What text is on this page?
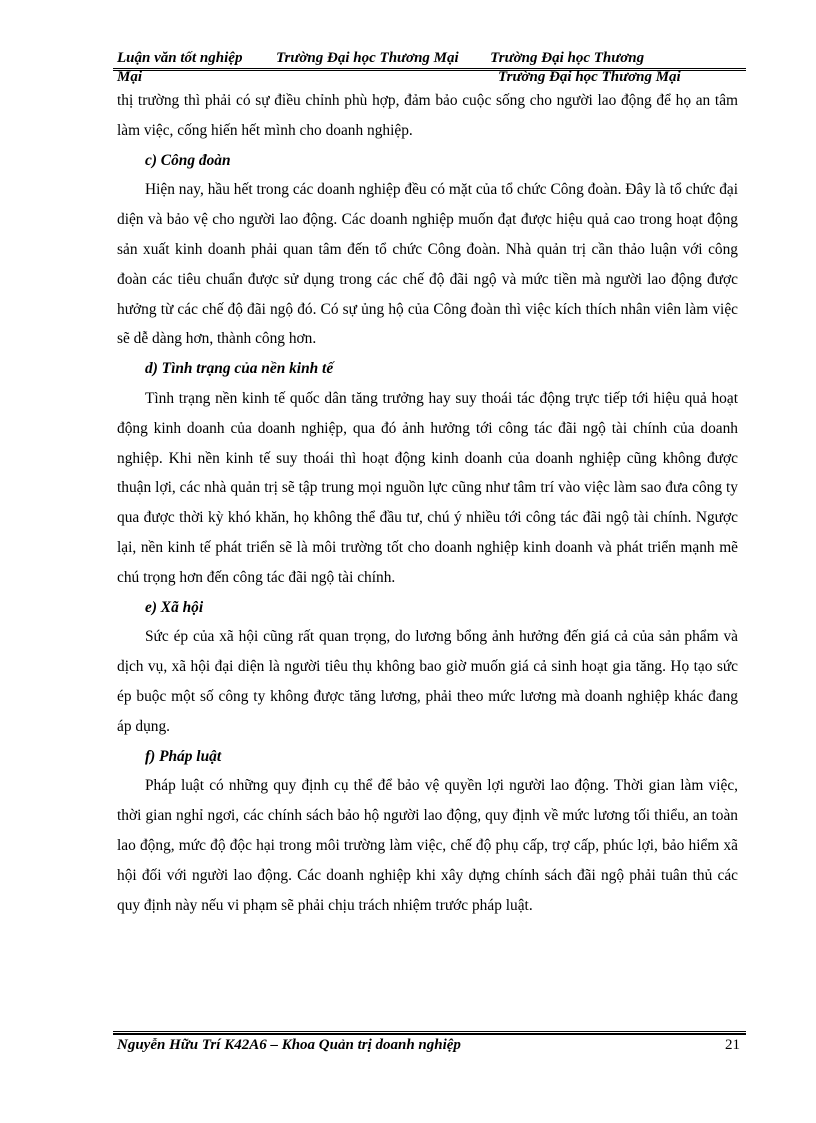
Luận văn tốt nghiệp Trường Đại học Thương Mại Trường Đại học Thương
Mại	Trường Đại học Thương Mại

thị trường thì phải có sự điều chỉnh phù hợp, đảm bảo cuộc sống cho người lao động để họ an tâm làm việc, cống hiến hết mình cho doanh nghiệp.

c) Công đoàn

Hiện nay, hầu hết trong các doanh nghiệp đều có mặt của tổ chức Công đoàn. Đây là tổ chức đại diện và bảo vệ cho người lao động. Các doanh nghiệp muốn đạt được hiệu quả cao trong hoạt động sản xuất kinh doanh phải quan tâm đến tổ chức Công đoàn. Nhà quản trị cần thảo luận với công đoàn các tiêu chuẩn được sử dụng trong các chế độ đãi ngộ và mức tiền mà người lao động được hưởng từ các chế độ đãi ngộ đó. Có sự ủng hộ của Công đoàn thì việc kích thích nhân viên làm việc sẽ dễ dàng hơn, thành công hơn.

d) Tình trạng của nền kinh tế

Tình trạng nền kinh tế quốc dân tăng trưởng hay suy thoái tác động trực tiếp tới hiệu quả hoạt động kinh doanh của doanh nghiệp, qua đó ảnh hưởng tới công tác đãi ngộ tài chính của doanh nghiệp. Khi nền kinh tế suy thoái thì hoạt động kinh doanh của doanh nghiệp cũng không được thuận lợi, các nhà quản trị sẽ tập trung mọi nguồn lực cũng như tâm trí vào việc làm sao đưa công ty qua được thời kỳ khó khăn, họ không thể đầu tư, chú ý nhiều tới công tác đãi ngộ tài chính. Ngược lại, nền kinh tế phát triển sẽ là môi trường tốt cho doanh nghiệp kinh doanh và phát triển mạnh mẽ chú trọng hơn đến công tác đãi ngộ tài chính.

e) Xã hội

Sức ép của xã hội cũng rất quan trọng, do lương bổng ảnh hưởng đến giá cả của sản phẩm và dịch vụ, xã hội đại diện là người tiêu thụ không bao giờ muốn giá cả sinh hoạt gia tăng. Họ tạo sức ép buộc một số công ty không được tăng lương, phải theo mức lương mà doanh nghiệp khác đang áp dụng.

f) Pháp luật

Pháp luật có những quy định cụ thể để bảo vệ quyền lợi người lao động. Thời gian làm việc, thời gian nghỉ ngơi, các chính sách bảo hộ người lao động, quy định về mức lương tối thiểu, an toàn lao động, mức độ độc hại trong môi trường làm việc, chế độ phụ cấp, trợ cấp, phúc lợi, bảo hiểm xã hội đối với người lao động. Các doanh nghiệp khi xây dựng chính sách đãi ngộ phải tuân thủ các quy định này nếu vi phạm sẽ phải chịu trách nhiệm trước pháp luật.

Nguyễn Hữu Trí K42A6 – Khoa Quản trị doanh nghiệp	21
